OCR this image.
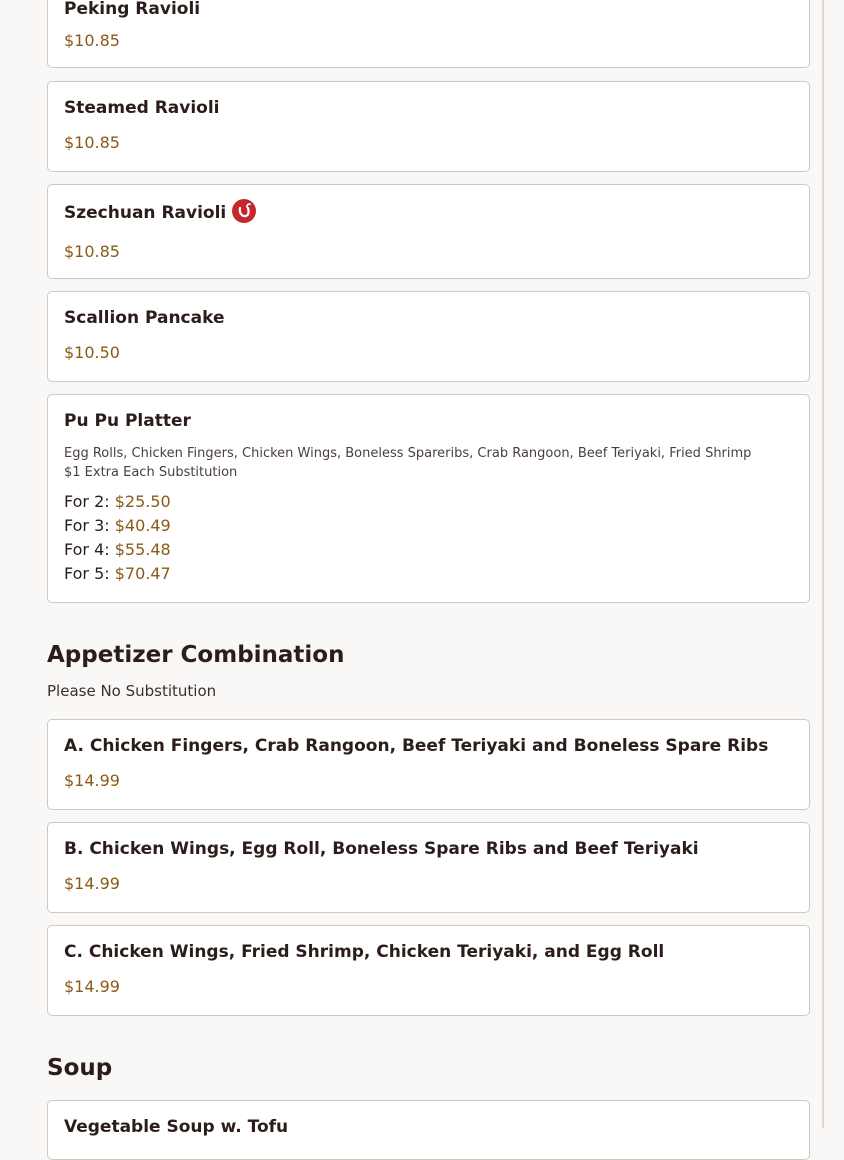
Peking Ravioli
$10.85
Steamed Ravioli
$10.85
Szechuan Ravioli
$10.85
Scallion Pancake
$10.50
Pu Pu Platter
Egg Rolls, Chicken Fingers, Chicken Wings, Boneless Spareribs, Crab Rangoon, Beef Teriyaki, Fried Shrimp
$1 Extra Each Substitution
For 2: $25.50
For 3: $40.49
For 4: $55.48
For 5: $70.47
Appetizer Combination
Please No Substitution
A. Chicken Fingers, Crab Rangoon, Beef Teriyaki and Boneless Spare Ribs
$14.99
B. Chicken Wings, Egg Roll, Boneless Spare Ribs and Beef Teriyaki
$14.99
C. Chicken Wings, Fried Shrimp, Chicken Teriyaki, and Egg Roll
$14.99
Soup
Vegetable Soup w. Tofu
